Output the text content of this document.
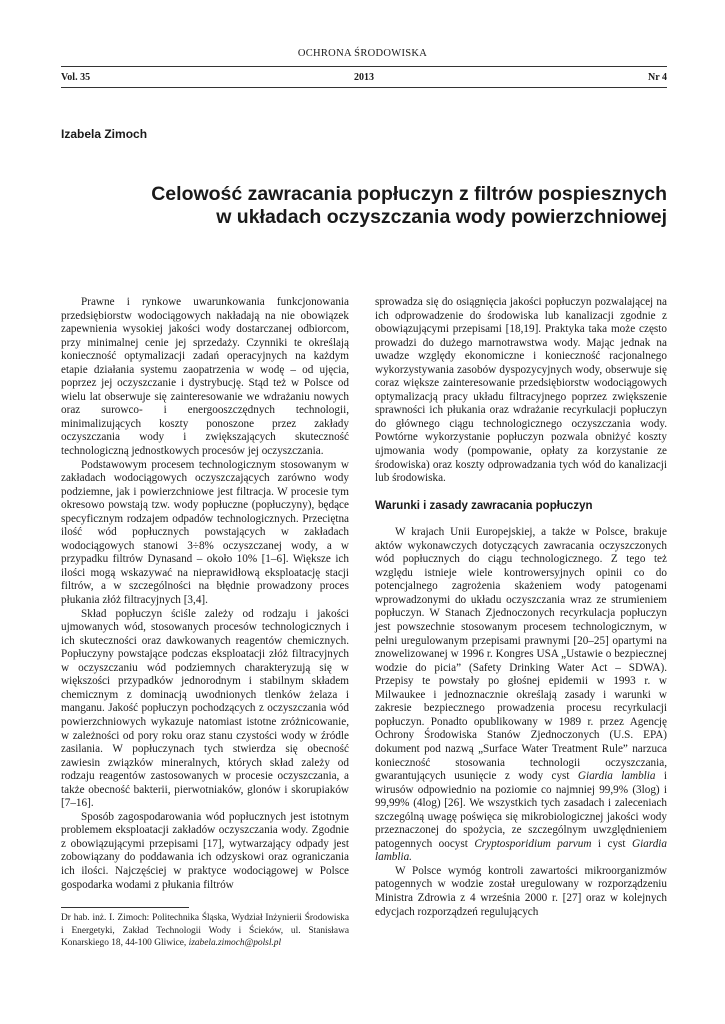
OCHRONA ŚRODOWISKA
2013
Vol. 35	Nr 4
Izabela Zimoch
Celowość zawracania popłuczyn z filtrów pospiesznych
w układach oczyszczania wody powierzchniowej

Prawne i rynkowe uwarunkowania funkcjonowania przedsiębiorstw wodociągowych nakładają na nie obowiązek zapewnienia wysokiej jakości wody dostarczanej odbiorcom, przy minimalnej cenie jej sprzedaży. Czynniki te określają konieczność optymalizacji zadań operacyjnych na każdym etapie działania systemu zaopatrzenia w wodę – od ujęcia, poprzez jej oczyszczanie i dystrybucję. Stąd też w Polsce od wielu lat obserwuje się zainteresowanie we wdrażaniu nowych oraz surowco- i energooszczędnych technologii, minimalizujących koszty ponoszone przez zakłady oczyszczania wody i zwiększających skuteczność technologiczną jednostkowych procesów jej oczyszczania.

Podstawowym procesem technologicznym stosowanym w zakładach wodociągowych oczyszczających zarówno wody podziemne, jak i powierzchniowe jest filtracja. W procesie tym okresowo powstają tzw. wody popłuczne (popłuczyny), będące specyficznym rodzajem odpadów technologicznych. Przeciętna ilość wód popłucznych powstających w zakładach wodociągowych stanowi 3÷8% oczyszczanej wody, a w przypadku filtrów Dynasand – około 10% [1–6]. Większe ich ilości mogą wskazywać na nieprawidłową eksploatację stacji filtrów, a w szczególności na błędnie prowadzony proces płukania złóż filtracyjnych [3,4].

Skład popłuczyn ściśle zależy od rodzaju i jakości ujmowanych wód, stosowanych procesów technologicznych i ich skuteczności oraz dawkowanych reagentów chemicznych. Popłuczyny powstające podczas eksploatacji złóż filtracyjnych w oczyszczaniu wód podziemnych charakteryzują się w większości przypadków jednorodnym i stabilnym składem chemicznym z dominacją uwodnionych tlenków żelaza i manganu. Jakość popłuczyn pochodzących z oczyszczania wód powierzchniowych wykazuje natomiast istotne zróżnicowanie, w zależności od pory roku oraz stanu czystości wody w źródle zasilania. W popłuczynach tych stwierdza się obecność zawiesin związków mineralnych, których skład zależy od rodzaju reagentów zastosowanych w procesie oczyszczania, a także obecność bakterii, pierwotniaków, glonów i skorupiaków [7–16].

Sposób zagospodarowania wód popłucznych jest istotnym problemem eksploatacji zakładów oczyszczania wody. Zgodnie z obowiązującymi przepisami [17], wytwarzający odpady jest zobowiązany do poddawania ich odzyskowi oraz ograniczania ich ilości. Najczęściej w praktyce wodociągowej w Polsce gospodarka wodami z płukania filtrów

sprowadza się do osiągnięcia jakości popłuczyn pozwalającej na ich odprowadzenie do środowiska lub kanalizacji zgodnie z obowiązującymi przepisami [18,19]. Praktyka taka może często prowadzi do dużego marnotrawstwa wody. Mając jednak na uwadze względy ekonomiczne i konieczność racjonalnego wykorzystywania zasobów dyspozycyjnych wody, obserwuje się coraz większe zainteresowanie przedsiębiorstw wodociągowych optymalizacją pracy układu filtracyjnego poprzez zwiększenie sprawności ich płukania oraz wdrażanie recyrkulacji popłuczyn do głównego ciągu technologicznego oczyszczania wody. Powtórne wykorzystanie popłuczyn pozwala obniżyć koszty ujmowania wody (pompowanie, opłaty za korzystanie ze środowiska) oraz koszty odprowadzania tych wód do kanalizacji lub środowiska.

Warunki i zasady zawracania popłuczyn

W krajach Unii Europejskiej, a także w Polsce, brakuje aktów wykonawczych dotyczących zawracania oczyszczonych wód popłucznych do ciągu technologicznego. Z tego też względu istnieje wiele kontrowersyjnych opinii co do potencjalnego zagrożenia skażeniem wody patogenami wprowadzonymi do układu oczyszczania wraz ze strumieniem popłuczyn. W Stanach Zjednoczonych recyrkulacja popłuczyn jest powszechnie stosowanym procesem technologicznym, w pełni uregulowanym przepisami prawnymi [20–25] opartymi na znowelizowanej w 1996 r. Kongres USA „Ustawie o bezpiecznej wodzie do picia” (Safety Drinking Water Act – SDWA). Przepisy te powstały po głośnej epidemii w 1993 r. w Milwaukee i jednoznacznie określają zasady i warunki w zakresie bezpiecznego prowadzenia procesu recyrkulacji popłuczyn. Ponadto opublikowany w 1989 r. przez Agencję Ochrony Środowiska Stanów Zjednoczonych (U.S. EPA) dokument pod nazwą „Surface Water Treatment Rule” narzuca konieczność stosowania technologii oczyszczania, gwarantujących usunięcie z wody cyst Giardia lamblia i wirusów odpowiednio na poziomie co najmniej 99,9% (3log) i 99,99% (4log) [26]. We wszystkich tych zasadach i zaleceniach szczególną uwagę poświęca się mikrobiologicznej jakości wody przeznaczonej do spożycia, ze szczególnym uwzględnieniem patogennych oocyst Cryptosporidium parvum i cyst Giardia lamblia.

W Polsce wymóg kontroli zawartości mikroorganizmów patogennych w wodzie został uregulowany w rozporządzeniu Ministra Zdrowia z 4 września 2000 r. [27] oraz w kolejnych edycjach rozporządzeń regulujących

Dr hab. inż. I. Zimoch: Politechnika Śląska, Wydział Inżynierii Środowiska i Energetyki, Zakład Technologii Wody i Ścieków, ul. Stanisława Konarskiego 18, 44-100 Gliwice, izabela.zimoch@polsl.pl
